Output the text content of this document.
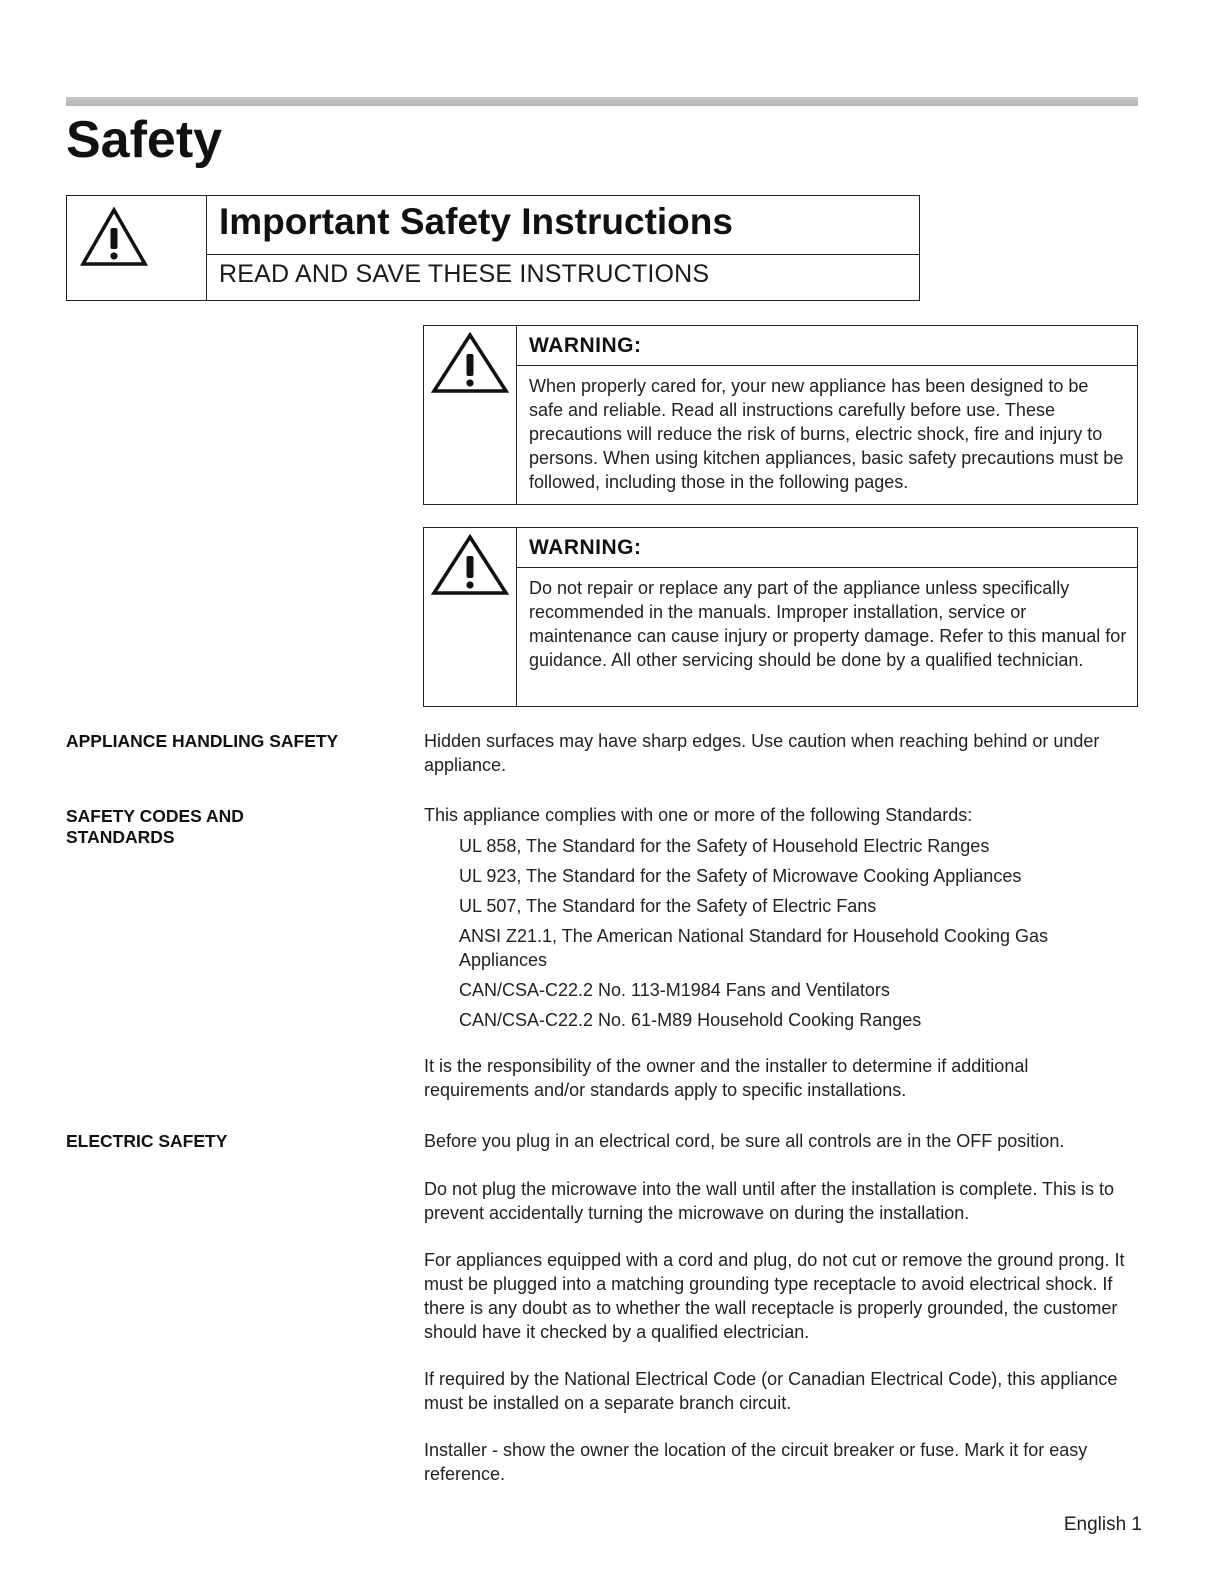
Safety
Important Safety Instructions
READ AND SAVE THESE INSTRUCTIONS
WARNING:
When properly cared for, your new appliance has been designed to be safe and reliable. Read all instructions carefully before use. These precautions will reduce the risk of burns, electric shock, fire and injury to persons. When using kitchen appliances, basic safety precautions must be followed, including those in the following pages.
WARNING:
Do not repair or replace any part of the appliance unless specifically recommended in the manuals. Improper installation, service or maintenance can cause injury or property damage. Refer to this manual for guidance. All other servicing should be done by a qualified technician.
APPLIANCE HANDLING SAFETY	Hidden surfaces may have sharp edges. Use caution when reaching behind or under appliance.
SAFETY CODES AND STANDARDS
This appliance complies with one or more of the following Standards:
UL 858, The Standard for the Safety of Household Electric Ranges
UL 923, The Standard for the Safety of Microwave Cooking Appliances
UL 507, The Standard for the Safety of Electric Fans
ANSI Z21.1, The American National Standard for Household Cooking Gas Appliances
CAN/CSA-C22.2 No. 113-M1984 Fans and Ventilators
CAN/CSA-C22.2 No. 61-M89 Household Cooking Ranges
It is the responsibility of the owner and the installer to determine if additional requirements and/or standards apply to specific installations.
ELECTRIC SAFETY	Before you plug in an electrical cord, be sure all controls are in the OFF position.
Do not plug the microwave into the wall until after the installation is complete. This is to prevent accidentally turning the microwave on during the installation.
For appliances equipped with a cord and plug, do not cut or remove the ground prong. It must be plugged into a matching grounding type receptacle to avoid electrical shock. If there is any doubt as to whether the wall receptacle is properly grounded, the customer should have it checked by a qualified electrician.
If required by the National Electrical Code (or Canadian Electrical Code), this appliance must be installed on a separate branch circuit.
Installer - show the owner the location of the circuit breaker or fuse. Mark it for easy reference.
English 1
